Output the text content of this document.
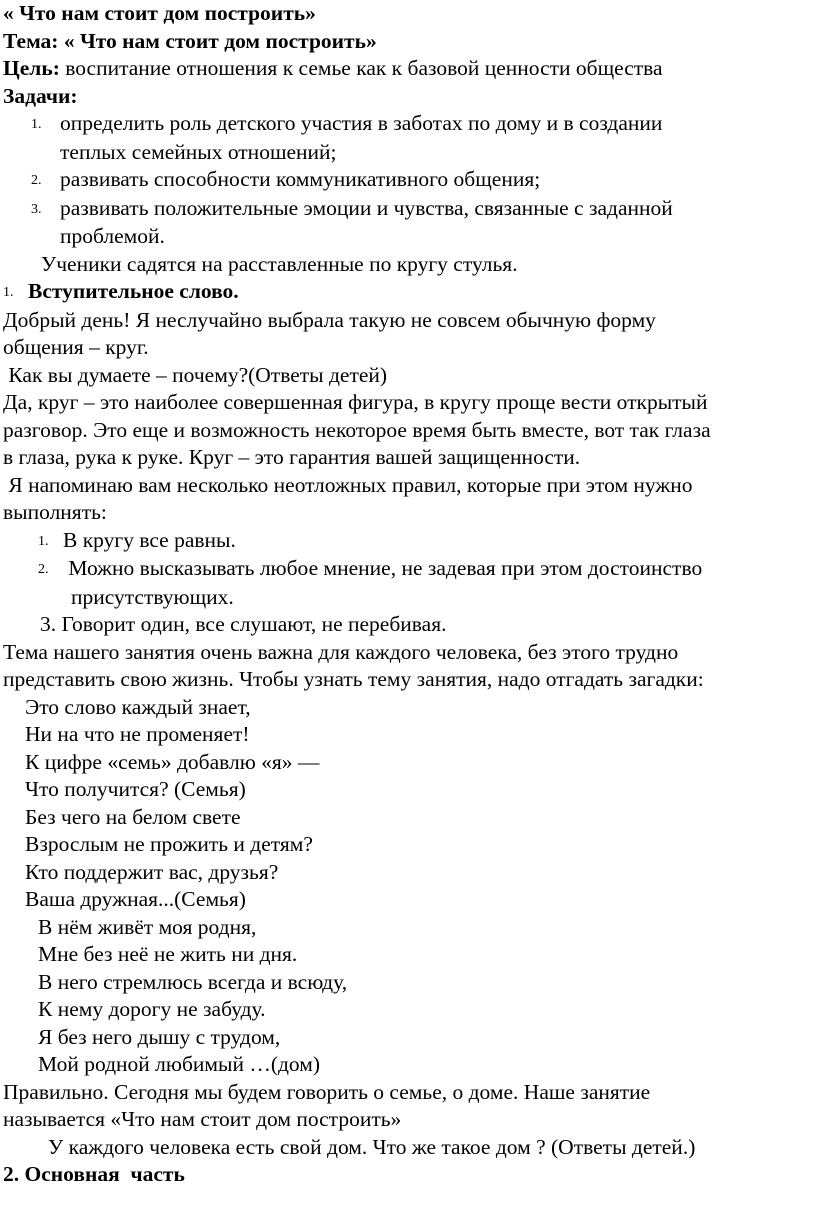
« Что нам стоит дом построить»
Тема: « Что нам стоит дом построить»
Цель: воспитание отношения к семье как к базовой ценности общества
Задачи:
1. определить роль детского участия в заботах по дому и в создании
теплых семейных отношений;
2. развивать способности коммуникативного общения;
3. развивать положительные эмоции и чувства, связанные с заданной
проблемой.
Ученики садятся на расставленные по кругу стулья.
1. Вступительное слово.
Добрый день! Я неслучайно выбрала такую не совсем обычную форму
общения – круг.
Как вы думаете – почему?(Ответы детей)
Да, круг – это наиболее совершенная фигура, в кругу проще вести открытый
разговор. Это еще и возможность некоторое время быть вместе, вот так глаза
в глаза, рука к руке. Круг – это гарантия вашей защищенности.
Я напоминаю вам несколько неотложных правил, которые при этом нужно
выполнять:
1. В кругу все равны.
2. Можно высказывать любое мнение, не задевая при этом достоинство
присутствующих.
3. Говорит один, все слушают, не перебивая.
Тема нашего занятия очень важна для каждого человека, без этого трудно
представить свою жизнь. Чтобы узнать тему занятия, надо отгадать загадки:
Это слово каждый знает,
Ни на что не променяет!
К цифре «семь» добавлю «я» —
Что получится? (Семья)
Без чего на белом свете
Взрослым не прожить и детям?
Кто поддержит вас, друзья?
Ваша дружная...(Семья)
В нём живёт моя родня,
Мне без неё не жить ни дня.
В него стремлюсь всегда и всюду,
К нему дорогу не забуду.
Я без него дышу с трудом,
Мой родной любимый …(дом)
Правильно. Сегодня мы будем говорить о семье, о доме. Наше занятие
называется «Что нам стоит дом построить»
У каждого человека есть свой дом. Что же такое дом ? (Ответы детей.)
2. Основная  часть
